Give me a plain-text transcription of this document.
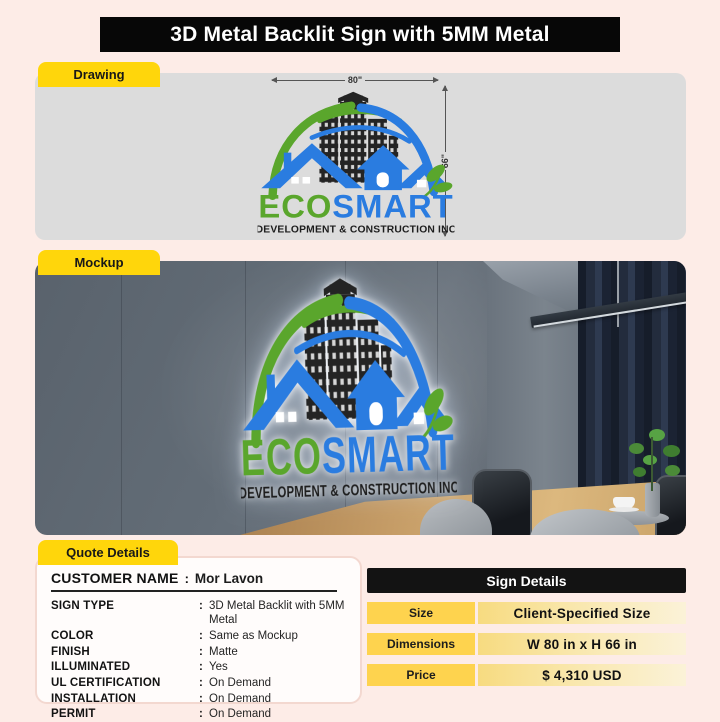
3D Metal Backlit Sign with 5MM Metal
Drawing	80"
66"
Mockup
Quote Details
CUSTOMER NAME : Mor Lavon
SIGN TYPE	: 3D Metal Backlit with 5MM Metal
COLOR	: Same as Mockup
FINISH	: Matte
ILLUMINATED	: Yes
UL CERTIFICATION	: On Demand
INSTALLATION	: On Demand
PERMIT	: On Demand
Sign Details
Size	Client-Specified Size
Dimensions	W 80 in x H 66 in
Price	$ 4,310 USD
